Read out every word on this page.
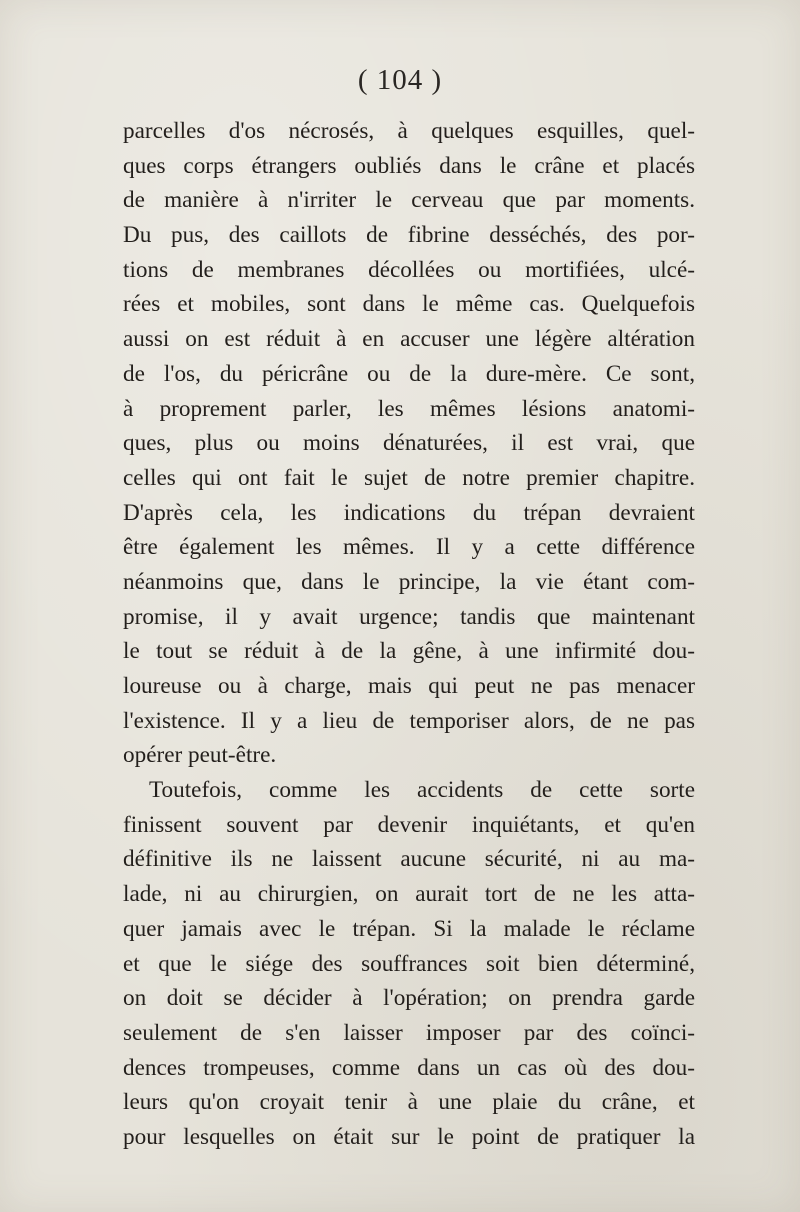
( 104 )
parcelles d'os nécrosés, à quelques esquilles, quel-
ques corps étrangers oubliés dans le crâne et placés
de manière à n'irriter le cerveau que par moments.
Du pus, des caillots de fibrine desséchés, des por-
tions de membranes décollées ou mortifiées, ulcé-
rées et mobiles, sont dans le même cas. Quelquefois
aussi on est réduit à en accuser une légère altération
de l'os, du péricrâne ou de la dure-mère. Ce sont,
à proprement parler, les mêmes lésions anatomi-
ques, plus ou moins dénaturées, il est vrai, que
celles qui ont fait le sujet de notre premier chapitre.
D'après cela, les indications du trépan devraient
être également les mêmes. Il y a cette différence
néanmoins que, dans le principe, la vie étant com-
promise, il y avait urgence; tandis que maintenant
le tout se réduit à de la gêne, à une infirmité dou-
loureuse ou à charge, mais qui peut ne pas menacer
l'existence. Il y a lieu de temporiser alors, de ne pas
opérer peut-être.
Toutefois, comme les accidents de cette sorte
finissent souvent par devenir inquiétants, et qu'en
définitive ils ne laissent aucune sécurité, ni au ma-
lade, ni au chirurgien, on aurait tort de ne les atta-
quer jamais avec le trépan. Si la malade le réclame
et que le siége des souffrances soit bien déterminé,
on doit se décider à l'opération; on prendra garde
seulement de s'en laisser imposer par des coïnci-
dences trompeuses, comme dans un cas où des dou-
leurs qu'on croyait tenir à une plaie du crâne, et
pour lesquelles on était sur le point de pratiquer la
